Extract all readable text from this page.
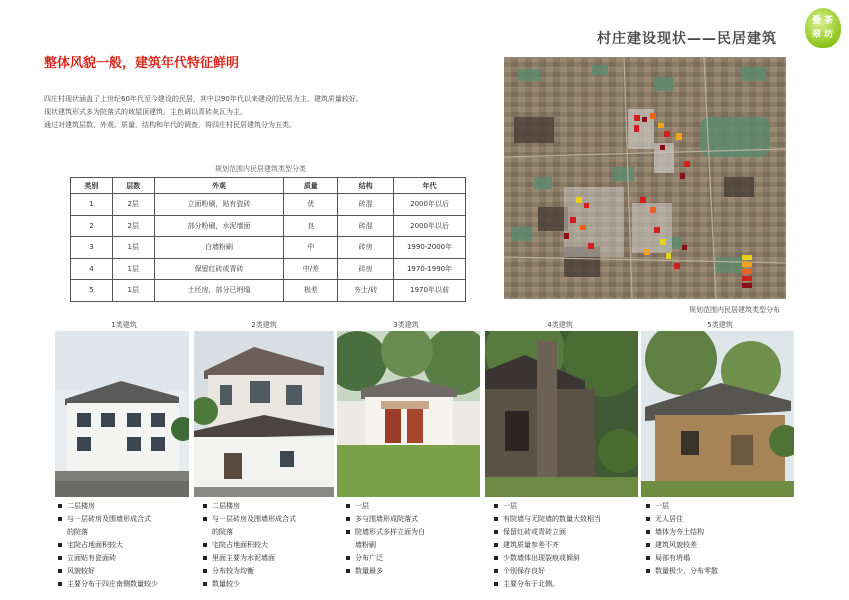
村庄建设现状——民居建筑
叠 茶
翠 坊
整体风貌一般，建筑年代特征鲜明
四庄村现状涵盖了上世纪60年代至今建设的民居，其中以90年代以来建设的民居为主，建筑质量较好。
现状建筑形式多为院落式的坡屋顶建筑，主色调以青砖灰瓦为主。
通过对建筑层数、外观、质量、结构和年代的调查，将四庄村民居建筑分为五类。
规划范围内民居建筑类型分类
类别	层数	外观	质量	结构	年代
1	2层	立面粉刷，贴有瓷砖	优	砖混	2000年以后
2	2层	部分粉刷，水泥墙面	良	砖混	2000年以后
3	1层	白墙粉刷	中	砖房	1990-2000年
4	1层	保留红砖或青砖	中/差	砖房	1970-1990年
5	1层	土坯房，部分已坍塌	极差	夯土/砖	1970年以前
规划范围内民居建筑类型分布
1类建筑	2类建筑	3类建筑	4类建筑	5类建筑
二层楼房
与一层砖房及围墙形成合式
的院落
宅院占地面积较大
立面贴有瓷面砖
风貌较好
主要分布于四庄南侧数量较少
二层楼房
与一层砖房及围墙形成合式
的院落
宅院占地面积较大
里面主要为水泥墙面
分布较为均衡
数量较少
一层
多与围墙形成院落式
院墙形式多样立面为白
墙粉刷
分布广泛
数量最多
一层
有院墙与无院墙的数量大致相当
保留红砖或青砖立面
建筑质量参差不齐
少数墙体出现裂痕或倾斜
个别保存良好
主要分布于北侧。
一层
无人居住
墙体为夯土结构
建筑风貌较差
局部有坍塌
数量极少，分布零散
